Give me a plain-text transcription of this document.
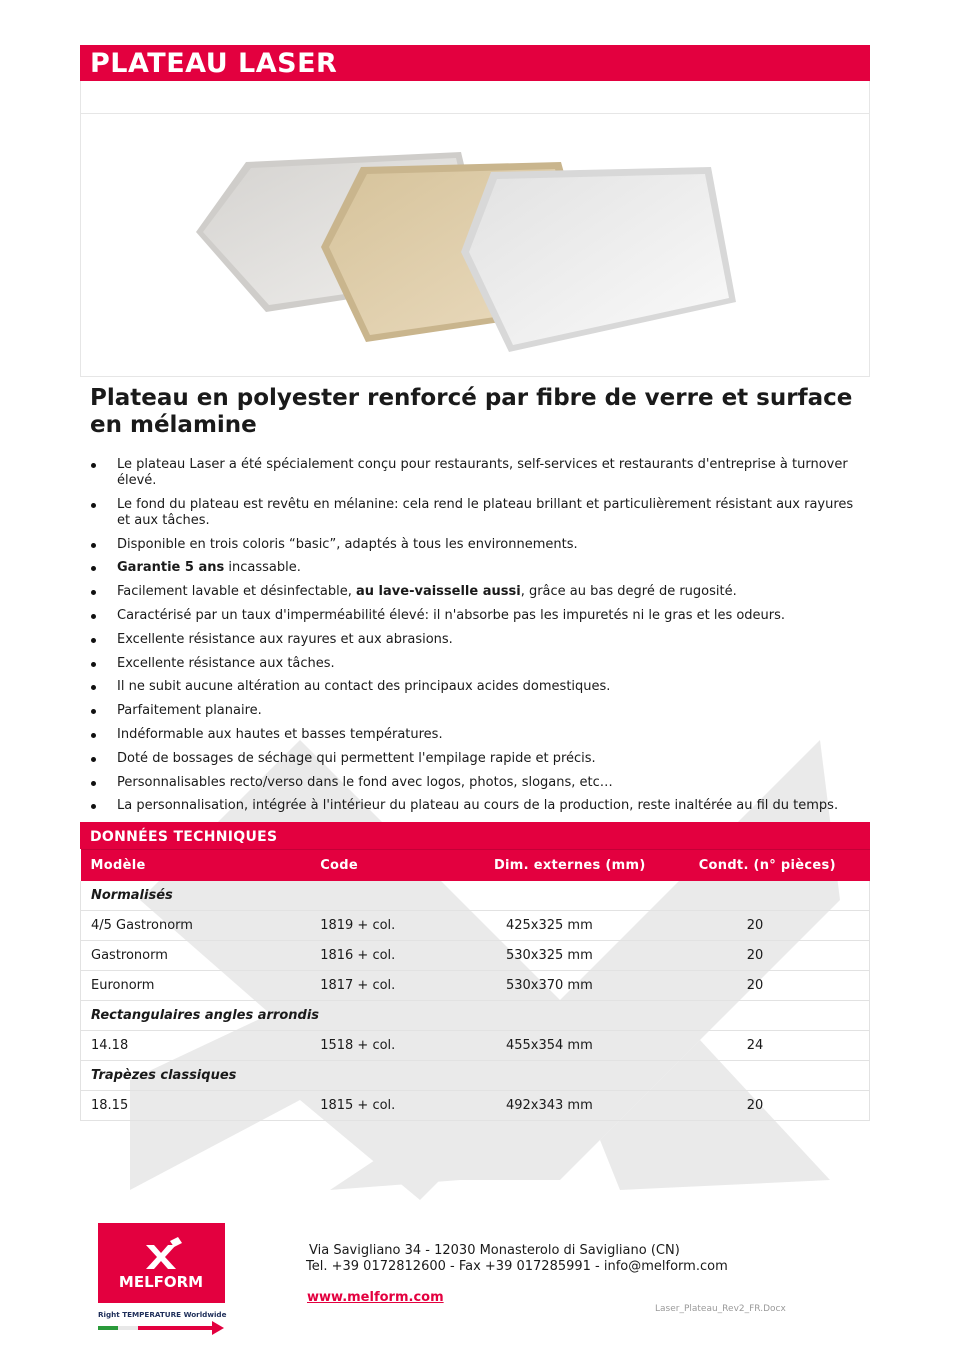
PLATEAU LASER
Plateau en polyester renforcé par fibre de verre et surface en mélamine
Le plateau Laser a été spécialement conçu pour restaurants, self-services et restaurants d'entreprise à turnover élevé.
Le fond du plateau est revêtu en mélanine: cela rend le plateau brillant et particulièrement résistant aux rayures et aux tâches.
Disponible en trois coloris “basic”, adaptés à tous les environnements.
Garantie 5 ans incassable.
Facilement lavable et désinfectable, au lave-vaisselle aussi, grâce au bas degré de rugosité.
Caractérisé par un taux d'imperméabilité élevé: il n'absorbe pas les impuretés ni le gras et les odeurs.
Excellente résistance aux rayures et aux abrasions.
Excellente résistance aux tâches.
Il ne subit aucune altération au contact des principaux acides domestiques.
Parfaitement planaire.
Indéformable aux hautes et basses températures.
Doté de bossages de séchage qui permettent l'empilage rapide et précis.
Personnalisables recto/verso dans le fond avec logos, photos, slogans, etc…
La personnalisation, intégrée à l'intérieur du plateau au cours de la production, reste inaltérée au fil du temps.
DONNÉES TECHNIQUES
Modèle	Code	Dim. externes (mm)	Condt. (n° pièces)
Normalisés			
4/5 Gastronorm	1819 + col.	425x325 mm	20
Gastronorm	1816 + col.	530x325 mm	20
Euronorm	1817 + col.	530x370 mm	20
Rectangulaires angles arrondis			
14.18	1518 + col.	455x354 mm	24
Trapèzes classiques			
18.15	1815 + col.	492x343 mm	20
MELFORM
Right TEMPERATURE Worldwide
Via Savigliano 34 - 12030 Monasterolo di Savigliano (CN)
Tel. +39 0172812600 - Fax +39 017285991 - info@melform.com
www.melform.com
Laser_Plateau_Rev2_FR.Docx
